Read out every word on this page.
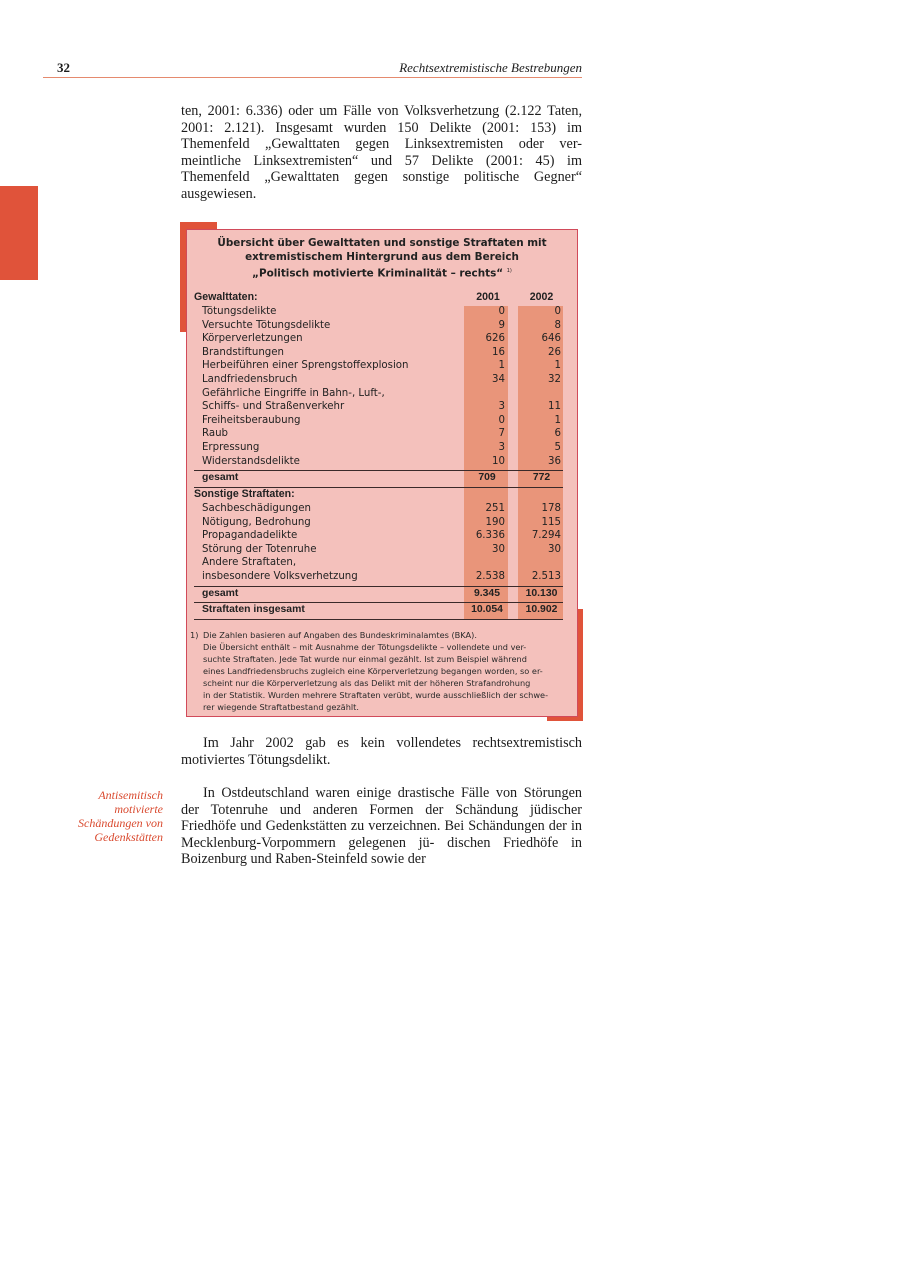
32	Rechtsextremistische Bestrebungen

ten, 2001: 6.336) oder um Fälle von Volksverhetzung (2.122 Taten, 2001: 2.121). Insgesamt wurden 150 Delikte (2001: 153) im Themenfeld „Gewalttaten gegen Linksextremisten oder ver- meintliche Linksextremisten“ und 57 Delikte (2001: 45) im Themenfeld „Gewalttaten gegen sonstige politische Gegner“ ausgewiesen.

Übersicht über Gewalttaten und sonstige Straftaten mit
extremistischem Hintergrund aus dem Bereich
„Politisch motivierte Kriminalität – rechts“ $^{1)}$
Gewalttaten:	2001	2002
Tötungsdelikte	0	0
Versuchte Tötungsdelikte	9	8
Körperverletzungen	626	646
Brandstiftungen	16	26
Herbeiführen einer Sprengstoffexplosion	1	1
Landfriedensbruch	34	32
Gefährliche Eingriffe in Bahn-, Luft-,
Schiffs- und Straßenverkehr	3	11
Freiheitsberaubung	0	1
Raub	7	6
Erpressung	3	5
Widerstandsdelikte	10	36
gesamt	709	772
Sonstige Straftaten:
Sachbeschädigungen	251	178
Nötigung, Bedrohung	190	115
Propagandadelikte	6.336	7.294
Störung der Totenruhe	30	30
Andere Straftaten,
insbesondere Volksverhetzung	2.538	2.513
gesamt	9.345	10.130
Straftaten insgesamt	10.054	10.902
1) Die Zahlen basieren auf Angaben des Bundeskriminalamtes (BKA).
Die Übersicht enthält – mit Ausnahme der Tötungsdelikte – vollendete und ver-
suchte Straftaten. Jede Tat wurde nur einmal gezählt. Ist zum Beispiel während
eines Landfriedensbruchs zugleich eine Körperverletzung begangen worden, so er-
scheint nur die Körperverletzung als das Delikt mit der höheren Strafandrohung
in der Statistik. Wurden mehrere Straftaten verübt, wurde ausschließlich der schwe-
rer wiegende Straftatbestand gezählt.

Im Jahr 2002 gab es kein vollendetes rechtsextremistisch motiviertes Tötungsdelikt.

Antisemitisch
motivierte
Schändungen von
Gedenkstätten

In Ostdeutschland waren einige drastische Fälle von Störungen der Totenruhe und anderen Formen der Schändung jüdischer Friedhöfe und Gedenkstätten zu verzeichnen. Bei Schändungen der in Mecklenburg-Vorpommern gelegenen jü- dischen Friedhöfe in Boizenburg und Raben-Steinfeld sowie der
